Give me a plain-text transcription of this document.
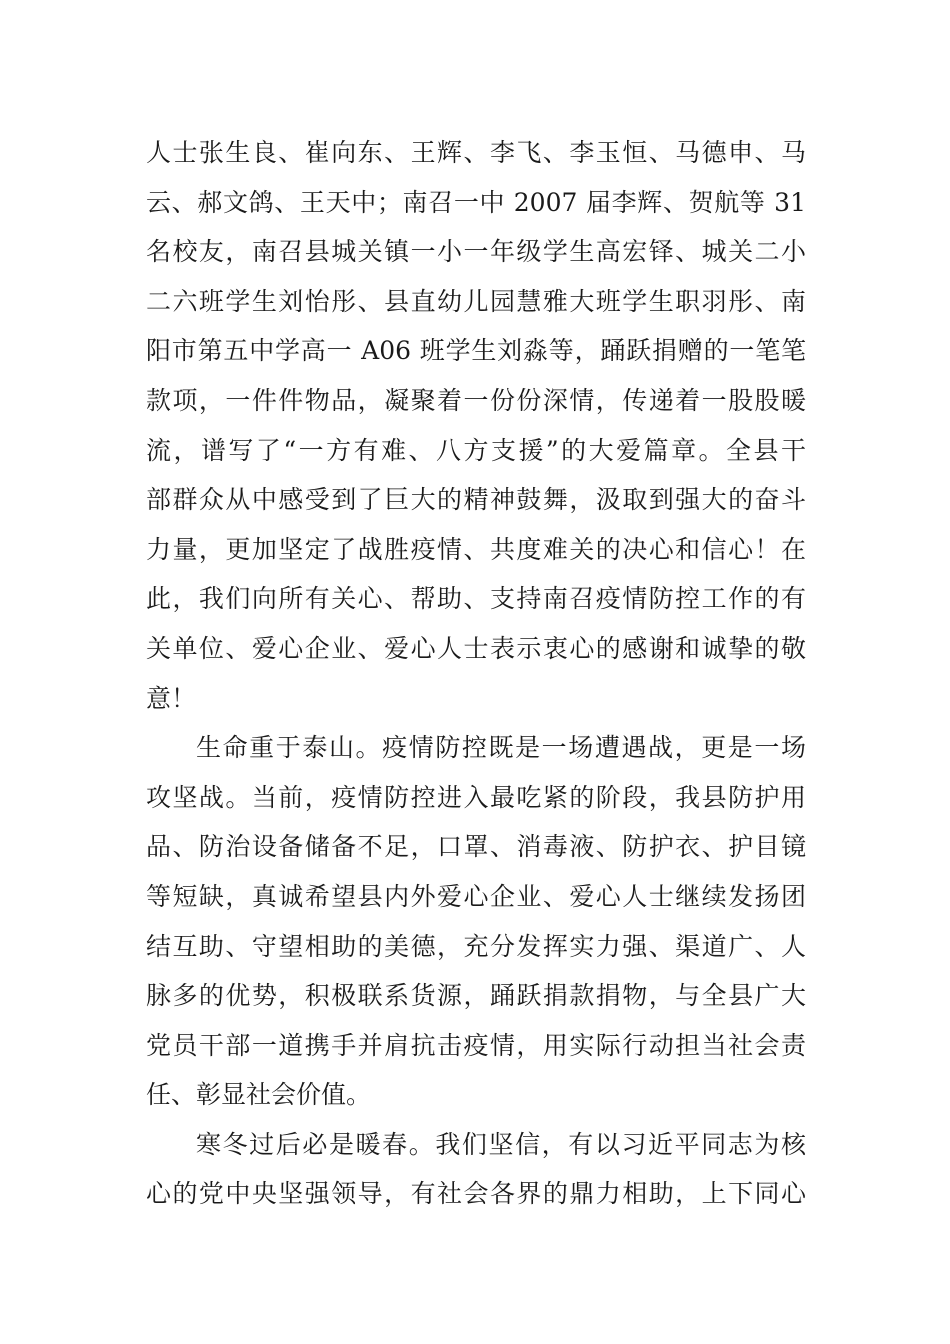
人士张生良、崔向东、王辉、李飞、李玉恒、马德申、马
云、郝文鸽、王天中；南召一中 2007 届李辉、贺航等 31
名校友，南召县城关镇一小一年级学生高宏铎、城关二小
二六班学生刘怡彤、县直幼儿园慧雅大班学生职羽彤、南
阳市第五中学高一 A06 班学生刘淼等，踊跃捐赠的一笔笔
款项，一件件物品，凝聚着一份份深情，传递着一股股暖
流，谱写了“一方有难、八方支援”的大爱篇章。全县干
部群众从中感受到了巨大的精神鼓舞，汲取到强大的奋斗
力量，更加坚定了战胜疫情、共度难关的决心和信心！在
此，我们向所有关心、帮助、支持南召疫情防控工作的有
关单位、爱心企业、爱心人士表示衷心的感谢和诚挚的敬
意！
生命重于泰山。疫情防控既是一场遭遇战，更是一场
攻坚战。当前，疫情防控进入最吃紧的阶段，我县防护用
品、防治设备储备不足，口罩、消毒液、防护衣、护目镜
等短缺，真诚希望县内外爱心企业、爱心人士继续发扬团
结互助、守望相助的美德，充分发挥实力强、渠道广、人
脉多的优势，积极联系货源，踊跃捐款捐物，与全县广大
党员干部一道携手并肩抗击疫情，用实际行动担当社会责
任、彰显社会价值。
寒冬过后必是暖春。我们坚信，有以习近平同志为核
心的党中央坚强领导，有社会各界的鼎力相助，上下同心
